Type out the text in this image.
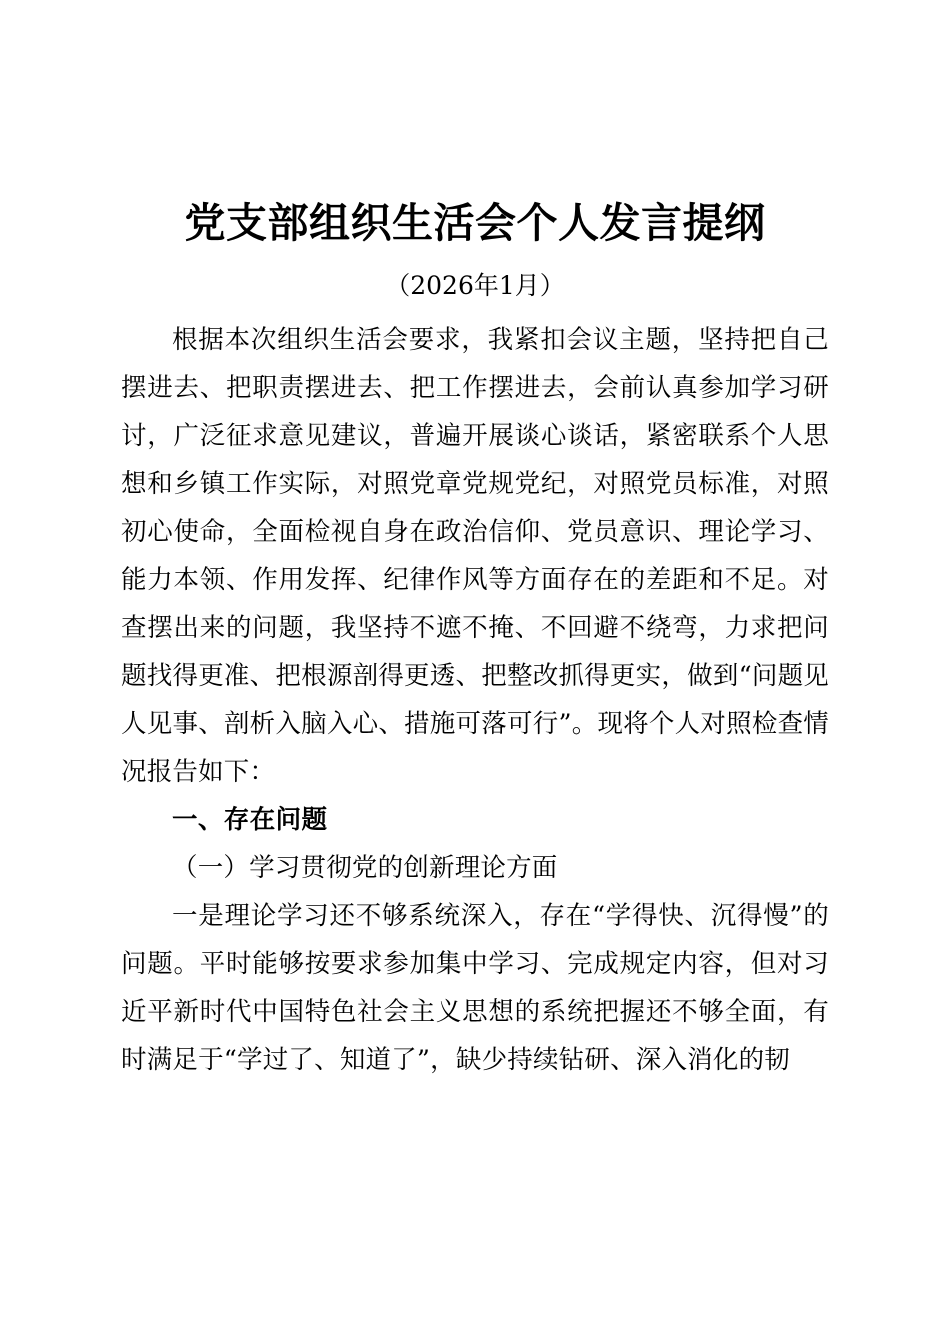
党支部组织生活会个人发言提纲
（2026年1月）

根据本次组织生活会要求，我紧扣会议主题，坚持把自己摆进去、把职责摆进去、把工作摆进去，会前认真参加学习研讨，广泛征求意见建议，普遍开展谈心谈话，紧密联系个人思想和乡镇工作实际，对照党章党规党纪，对照党员标准，对照初心使命，全面检视自身在政治信仰、党员意识、理论学习、能力本领、作用发挥、纪律作风等方面存在的差距和不足。对查摆出来的问题，我坚持不遮不掩、不回避不绕弯，力求把问题找得更准、把根源剖得更透、把整改抓得更实，做到“问题见人见事、剖析入脑入心、措施可落可行”。现将个人对照检查情况报告如下：

一、存在问题
（一）学习贯彻党的创新理论方面

一是理论学习还不够系统深入，存在“学得快、沉得慢”的问题。平时能够按要求参加集中学习、完成规定内容，但对习近平新时代中国特色社会主义思想的系统把握还不够全面，有时满足于“学过了、知道了”，缺少持续钻研、深入消化的韧
